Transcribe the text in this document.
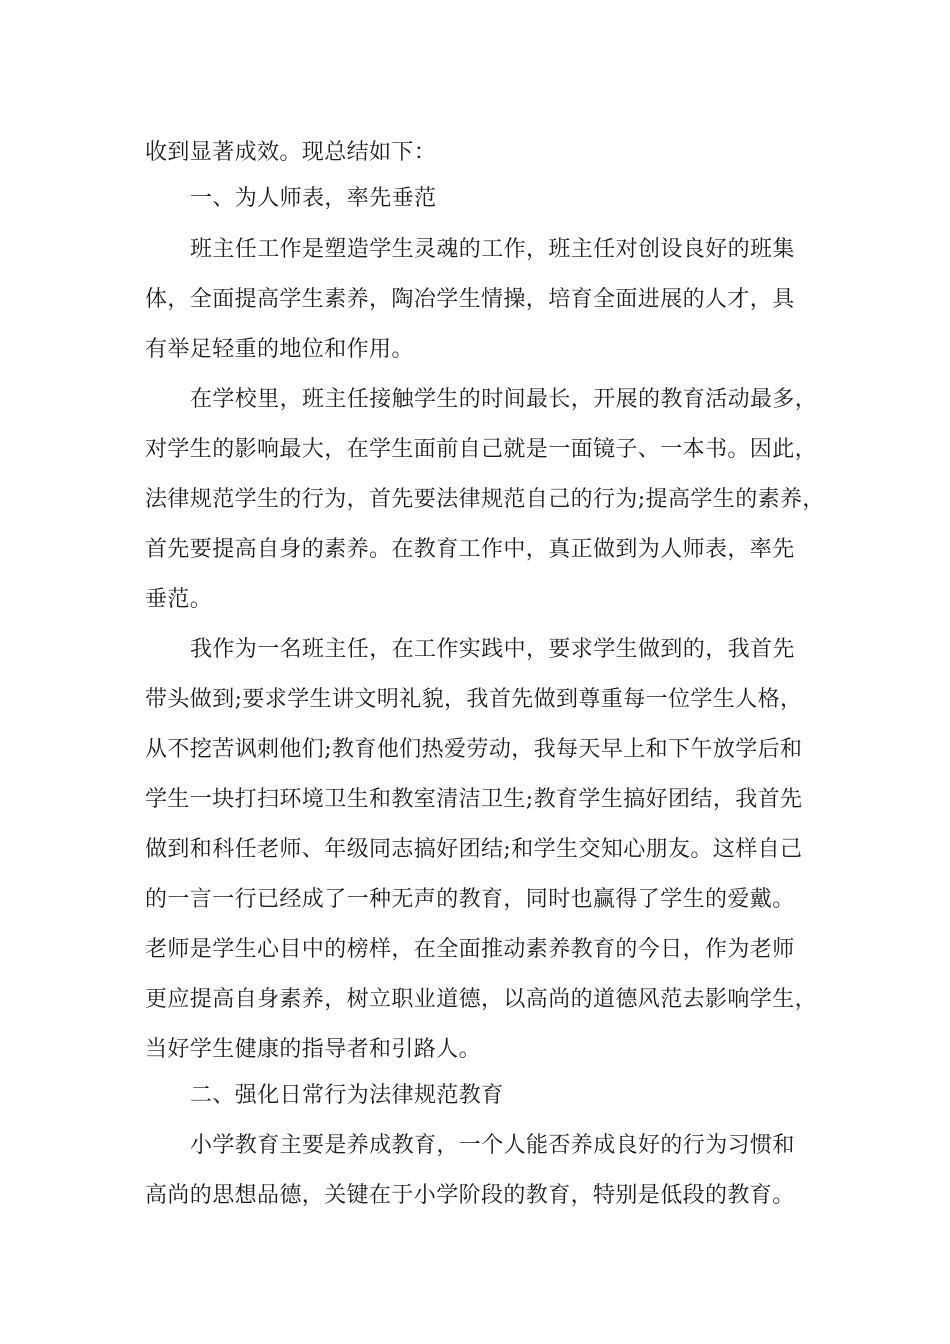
收到显著成效。现总结如下：
一、为人师表，率先垂范
班主任工作是塑造学生灵魂的工作，班主任对创设良好的班集
体，全面提高学生素养，陶冶学生情操，培育全面进展的人才，具
有举足轻重的地位和作用。
在学校里，班主任接触学生的时间最长，开展的教育活动最多，
对学生的影响最大，在学生面前自己就是一面镜子、一本书。因此，
法律规范学生的行为，首先要法律规范自己的行为;提高学生的素养，
首先要提高自身的素养。在教育工作中，真正做到为人师表，率先
垂范。
我作为一名班主任，在工作实践中，要求学生做到的，我首先
带头做到;要求学生讲文明礼貌，我首先做到尊重每一位学生人格，
从不挖苦讽刺他们;教育他们热爱劳动，我每天早上和下午放学后和
学生一块打扫环境卫生和教室清洁卫生;教育学生搞好团结，我首先
做到和科任老师、年级同志搞好团结;和学生交知心朋友。这样自己
的一言一行已经成了一种无声的教育，同时也赢得了学生的爱戴。
老师是学生心目中的榜样，在全面推动素养教育的今日，作为老师
更应提高自身素养，树立职业道德，以高尚的道德风范去影响学生，
当好学生健康的指导者和引路人。
二、强化日常行为法律规范教育
小学教育主要是养成教育，一个人能否养成良好的行为习惯和
高尚的思想品德，关键在于小学阶段的教育，特别是低段的教育。
